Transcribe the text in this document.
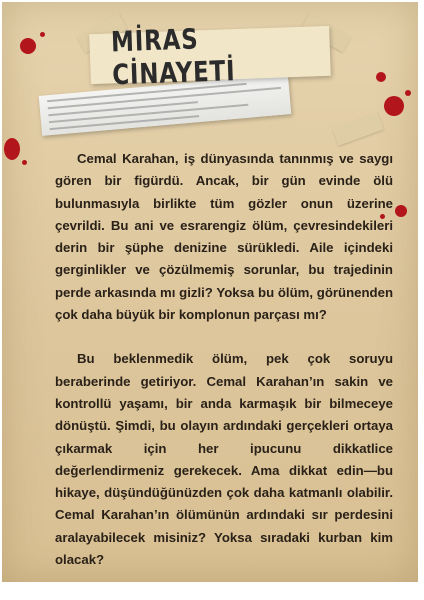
MİRAS CİNAYETİ

Cemal Karahan, iş dünyasında tanınmış ve saygı gören bir figürdü. Ancak, bir gün evinde ölü bulunmasıyla birlikte tüm gözler onun üzerine çevrildi. Bu ani ve esrarengiz ölüm, çevresindekileri derin bir şüphe denizine sürükledi. Aile içindeki gerginlikler ve çözülmemiş sorunlar, bu trajedinin perde arkasında mı gizli? Yoksa bu ölüm, görünenden çok daha büyük bir komplonun parçası mı?

Bu beklenmedik ölüm, pek çok soruyu beraberinde getiriyor. Cemal Karahan’ın sakin ve kontrollü yaşamı, bir anda karmaşık bir bilmeceye dönüştü. Şimdi, bu olayın ardındaki gerçekleri ortaya çıkarmak için her ipucunu dikkatlice değerlendirmeniz gerekecek. Ama dikkat edin—bu hikaye, düşündüğünüzden çok daha katmanlı olabilir. Cemal Karahan’ın ölümünün ardındaki sır perdesini aralayabilecek misiniz? Yoksa sıradaki kurban kim olacak?
